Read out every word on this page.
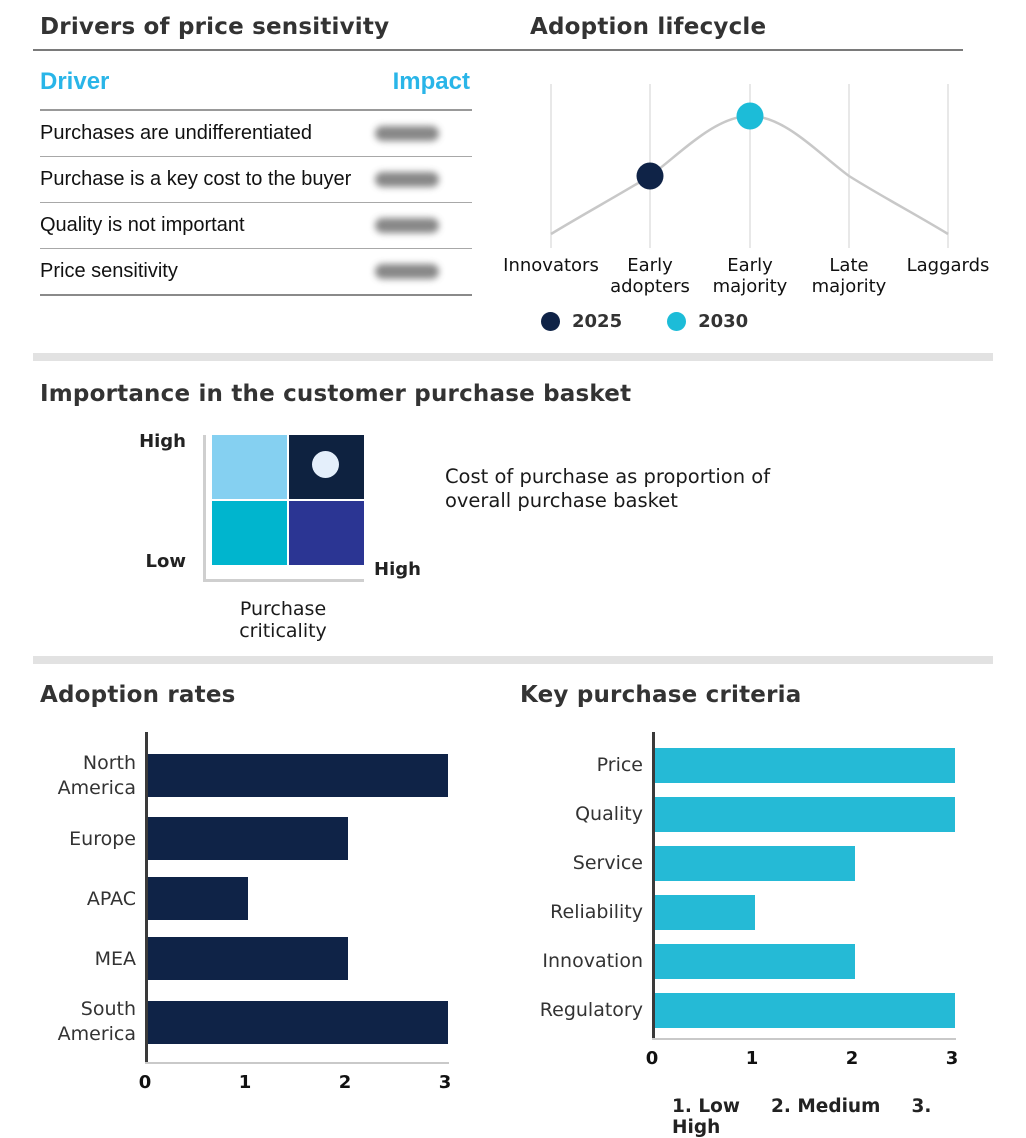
Drivers of price sensitivity	Adoption lifecycle
Driver	Impact
Purchases are undifferentiated	
Purchase is a key cost to the buyer	
Quality is not important	
Price sensitivity		Innovators	Early adopters
Early majority
Late majority
Laggards
2025	2030
Importance in the customer purchase basket
High
Low	High
Cost of purchase as proportion of overall purchase basket
Purchase criticality
Adoption rates
North America
Europe
APAC
MEA
South America
0	1	2	3
Key purchase criteria
Price
Quality
Service
Reliability
Innovation
Regulatory
0	1	2	3
1. Low 2. Medium 3. High
